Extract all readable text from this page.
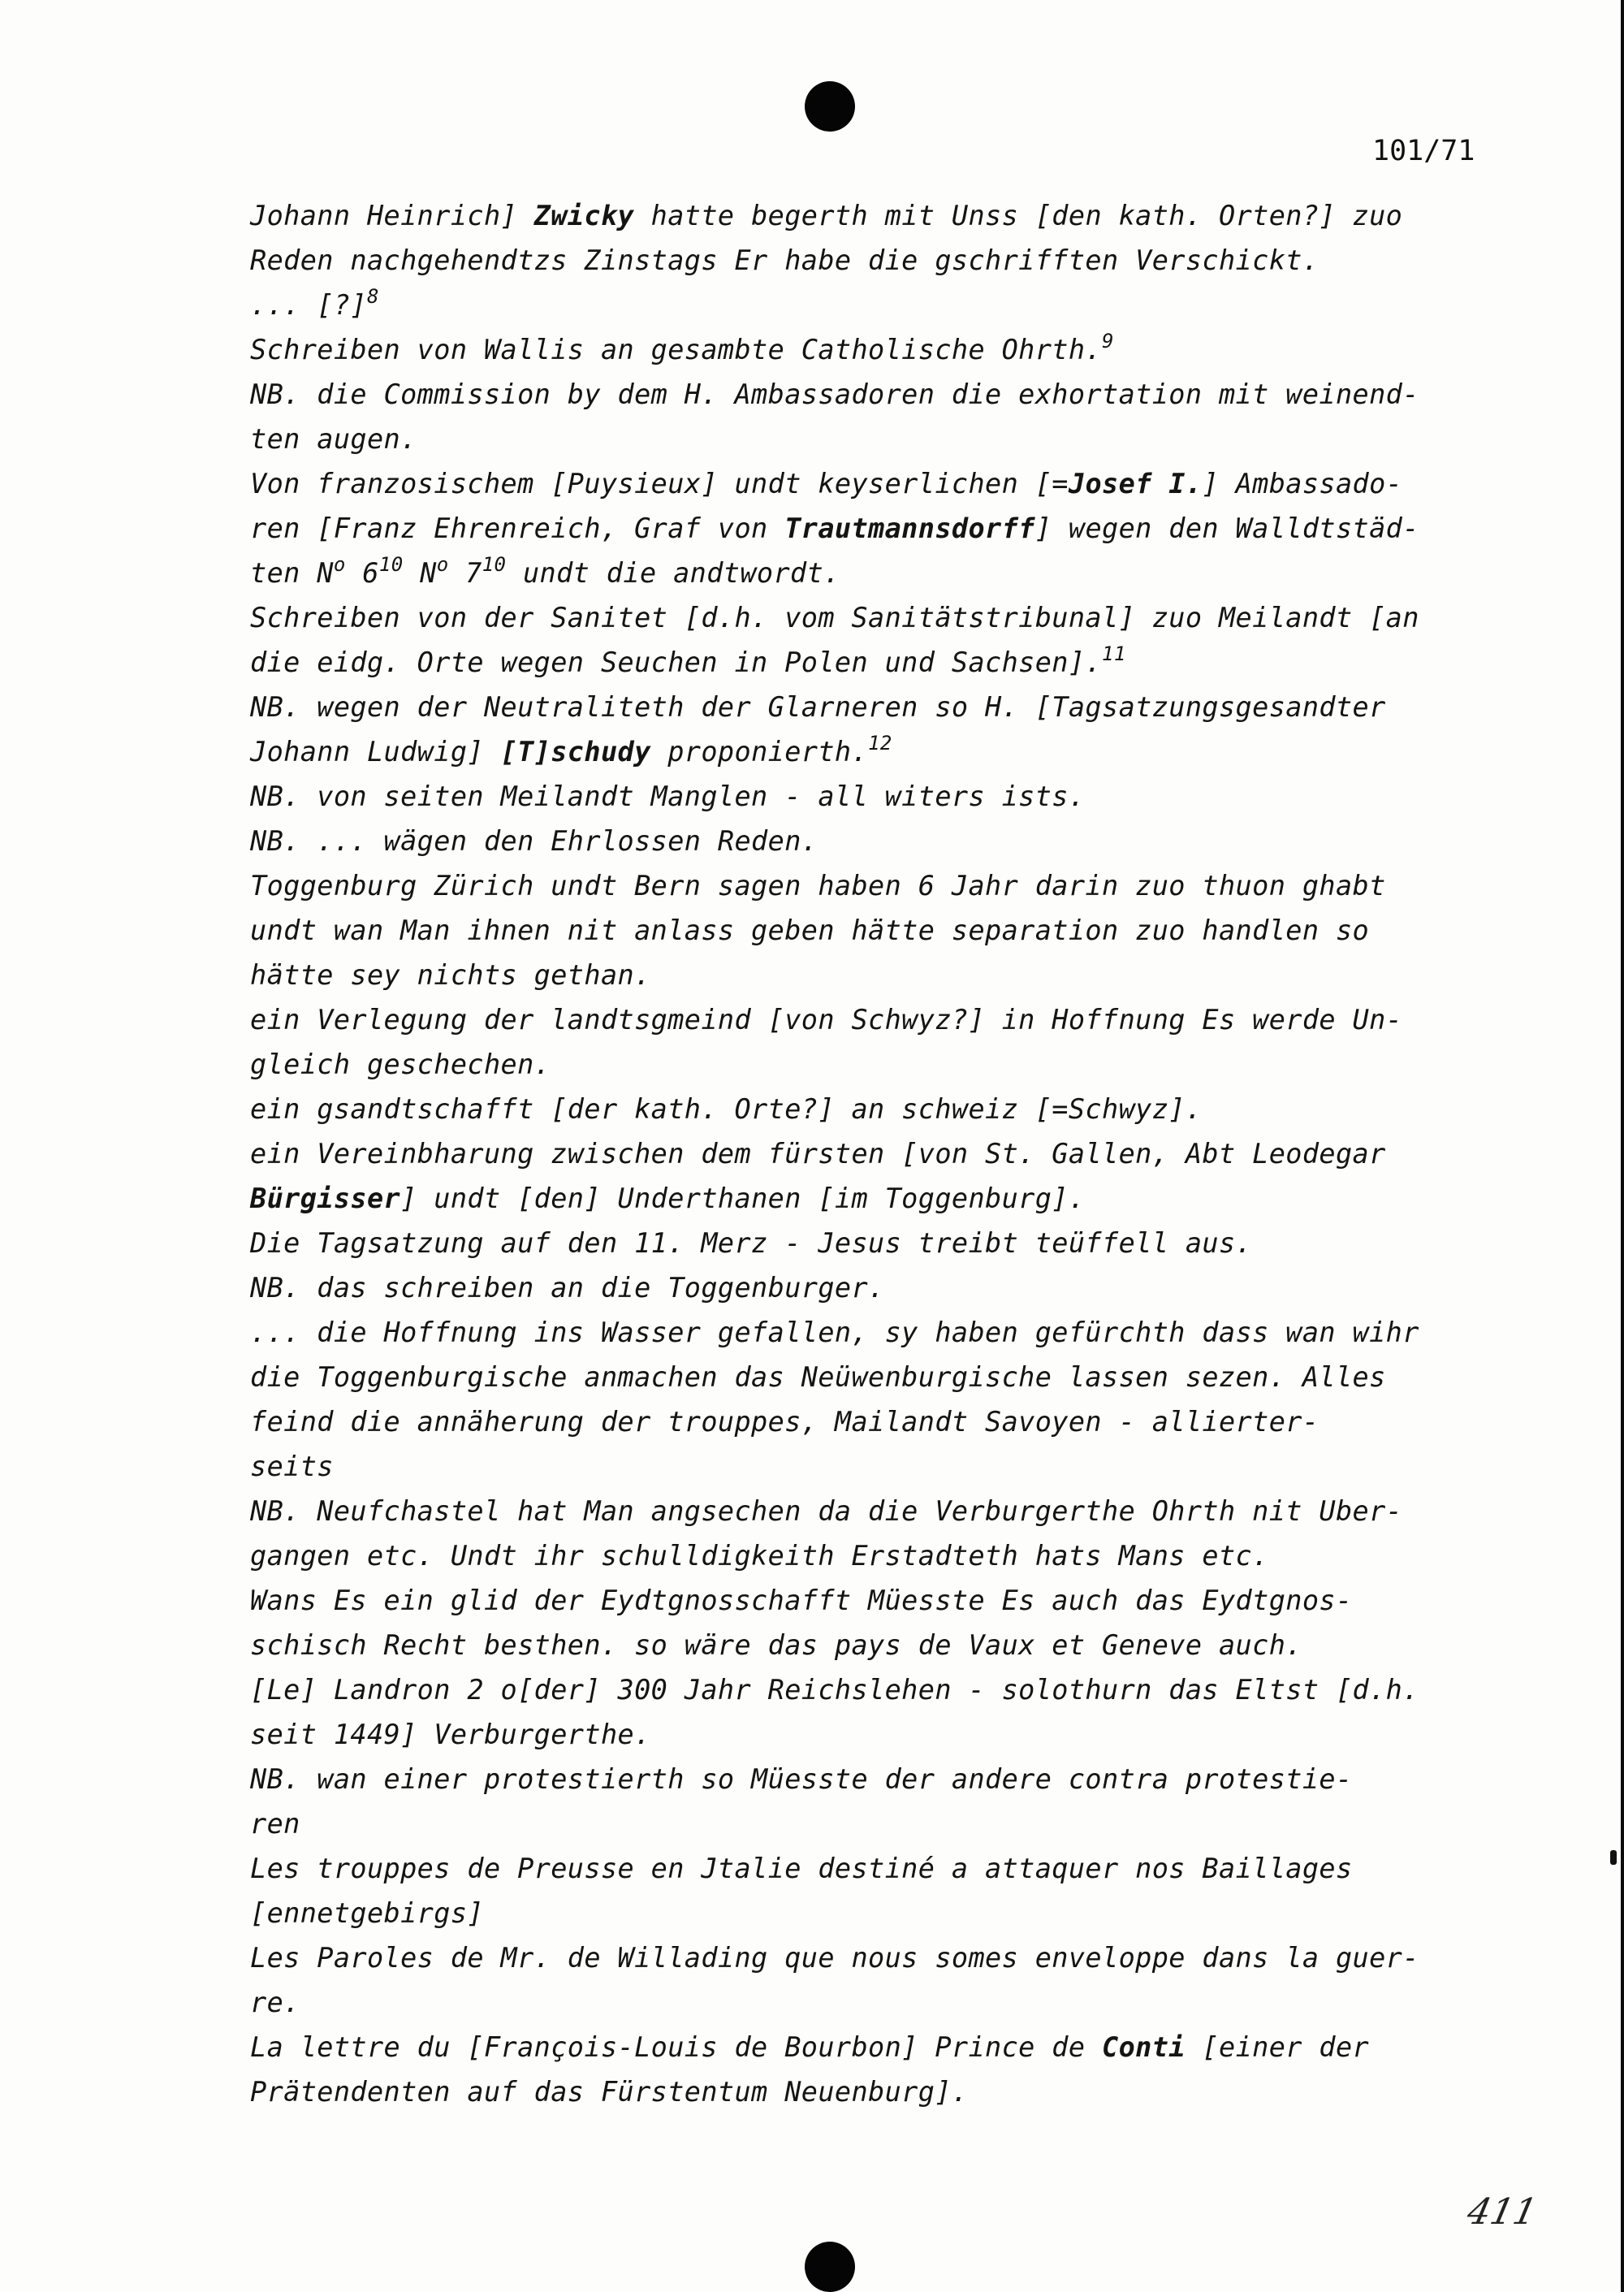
101/71
Johann Heinrich] Zwicky hatte begerth mit Unss [den kath. Orten?] zuo
Reden nachgehendtzs Zinstags Er habe die gschrifften Verschickt.
... [?]$^8$
Schreiben von Wallis an gesambte Catholische Ohrth.$^9$
NB. die Commission by dem H. Ambassadoren die exhortation mit weinend-
ten augen.
Von franzosischem [Puysieux] undt keyserlichen [=Josef I.] Ambassado-
ren [Franz Ehrenreich, Graf von Trautmannsdorff] wegen den Walldtstäd-
ten $N^o$ $6^{10}$ $N^o$ $7^{10}$ undt die andtwordt.
Schreiben von der Sanitet [d.h. vom Sanitätstribunal] zuo Meilandt [an
die eidg. Orte wegen Seuchen in Polen und Sachsen].$^{11}$
NB. wegen der Neutraliteth der Glarneren so H. [Tagsatzungsgesandter
Johann Ludwig] [T]schudy proponierth.$^{12}$
NB. von seiten Meilandt Manglen - all witers ists.
NB. ... wägen den Ehrlossen Reden.
Toggenburg Zürich undt Bern sagen haben 6 Jahr darin zuo thuon ghabt
undt wan Man ihnen nit anlass geben hätte separation zuo handlen so
hätte sey nichts gethan.
ein Verlegung der landtsgmeind [von Schwyz?] in Hoffnung Es werde Un-
gleich geschechen.
ein gsandtschafft [der kath. Orte?] an schweiz [=Schwyz].
ein Vereinbharung zwischen dem fürsten [von St. Gallen, Abt Leodegar
Bürgisser] undt [den] Underthanen [im Toggenburg].
Die Tagsatzung auf den 11. Merz - Jesus treibt teüffell aus.
NB. das schreiben an die Toggenburger.
... die Hoffnung ins Wasser gefallen, sy haben gefürchth dass wan wihr
die Toggenburgische anmachen das Neüwenburgische lassen sezen. Alles
feind die annäherung der trouppes, Mailandt Savoyen - allierter-
seits
NB. Neufchastel hat Man angsechen da die Verburgerthe Ohrth nit Uber-
gangen etc. Undt ihr schulldigkeith Erstadteth hats Mans etc.
Wans Es ein glid der Eydtgnosschafft Müesste Es auch das Eydtgnos-
schisch Recht besthen. so wäre das pays de Vaux et Geneve auch.
[Le] Landron 2 o[der] 300 Jahr Reichslehen - solothurn das Eltst [d.h.
seit 1449] Verburgerthe.
NB. wan einer protestierth so Müesste der andere contra protestie-
ren
Les trouppes de Preusse en Jtalie destiné a attaquer nos Baillages
[ennetgebirgs]
Les Paroles de Mr. de Willading que nous somes enveloppe dans la guer-
re.
La lettre du [François-Louis de Bourbon] Prince de Conti [einer der
Prätendenten auf das Fürstentum Neuenburg].
411
